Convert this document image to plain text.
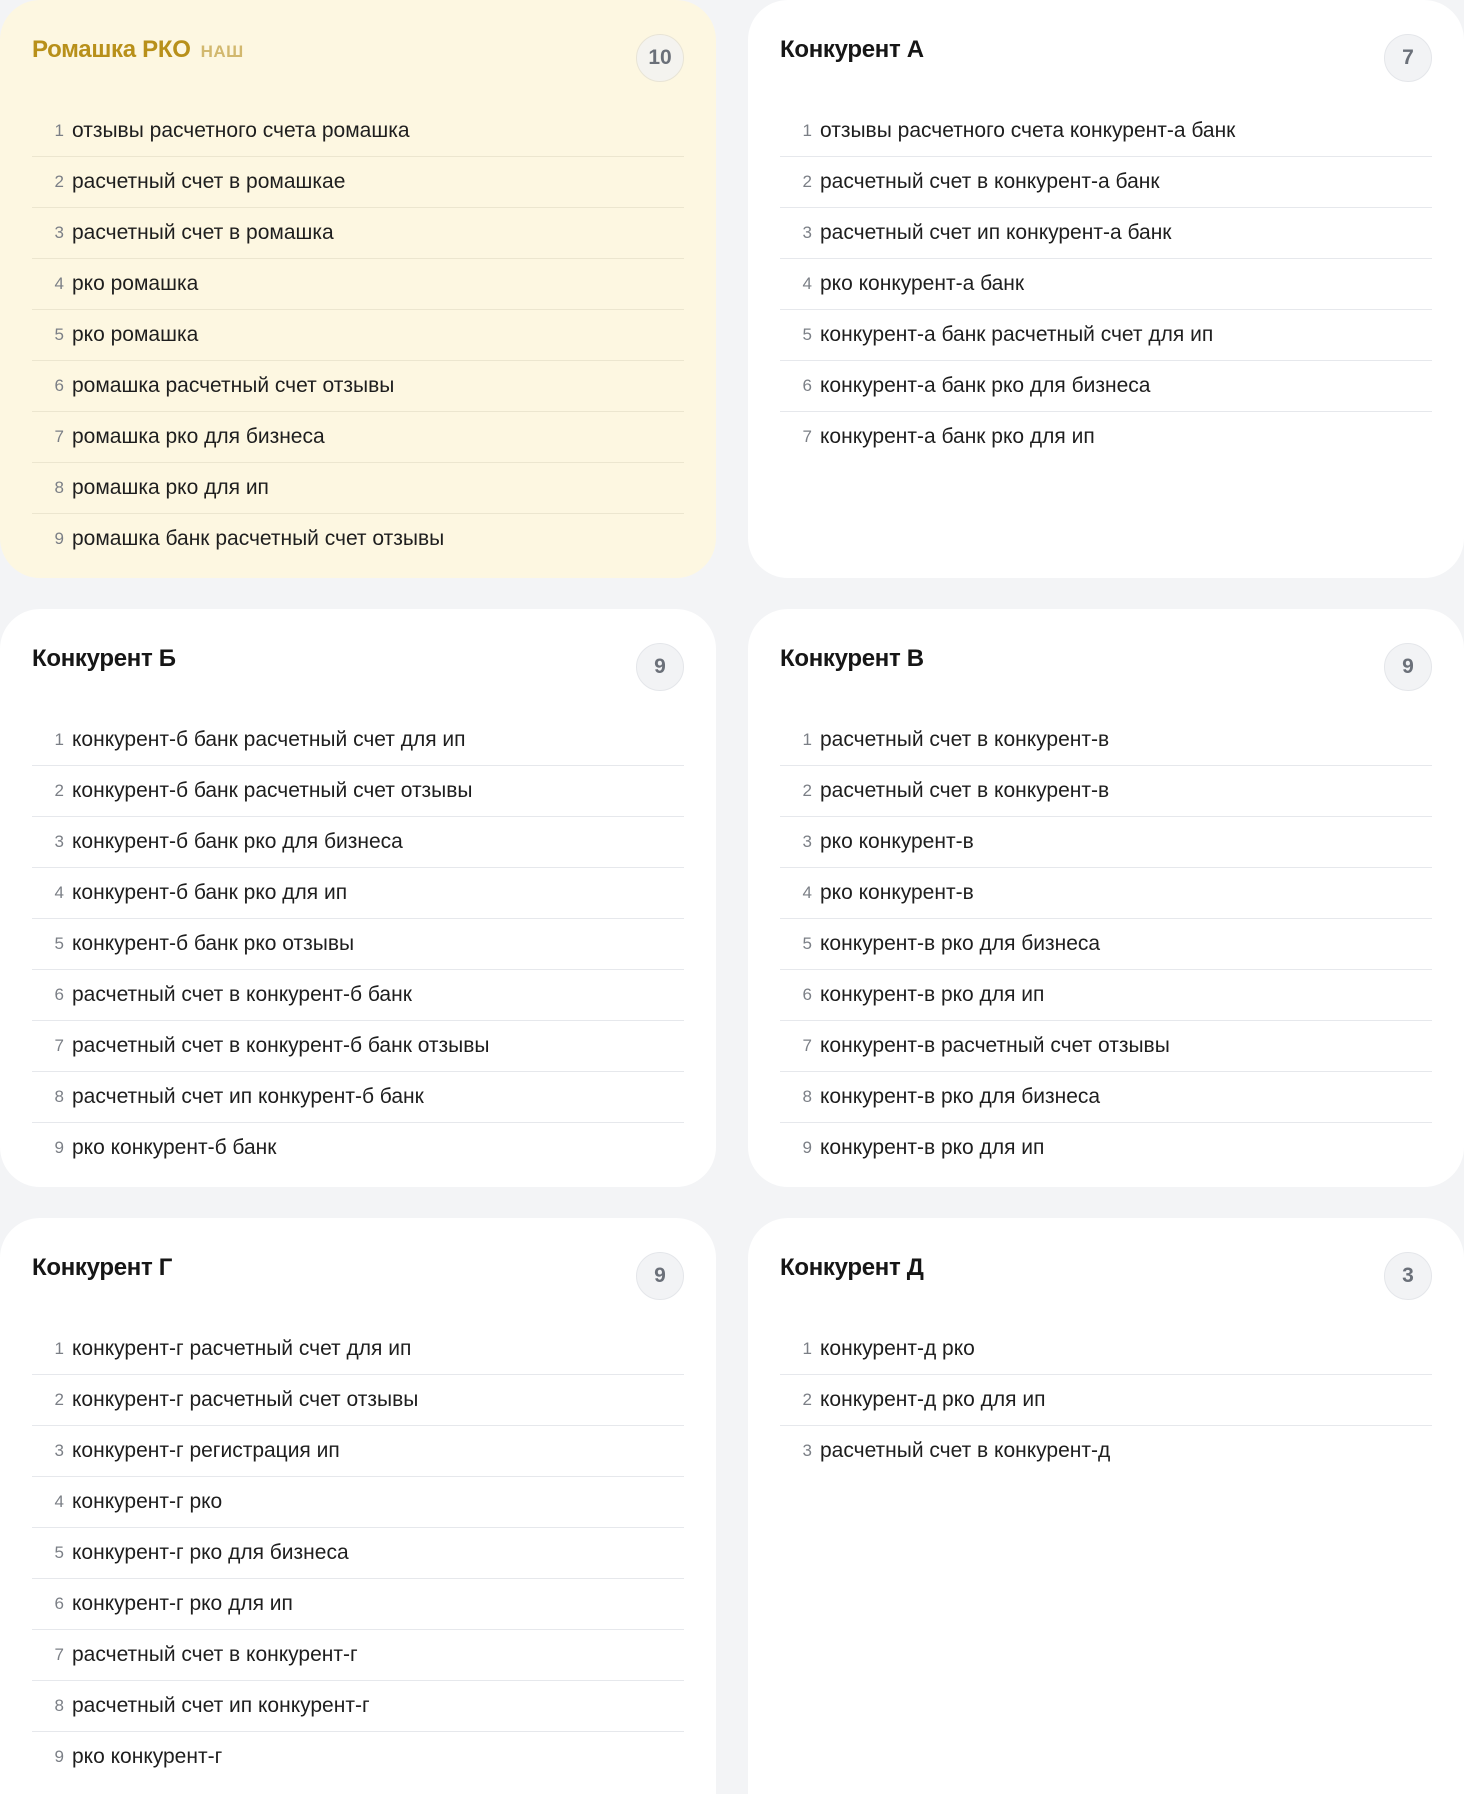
Ромашка РКО НАШ	10
1 отзывы расчетного счета ромашка
2 расчетный счет в ромашкае
3 расчетный счет в ромашка
4 рко ромашка
5 рко ромашка
6 ромашка расчетный счет отзывы
7 ромашка рко для бизнеса
8 ромашка рко для ип
9 ромашка банк расчетный счет отзывы
Конкурент А	7
1 отзывы расчетного счета конкурент-а банк
2 расчетный счет в конкурент-а банк
3 расчетный счет ип конкурент-а банк
4 рко конкурент-а банк
5 конкурент-а банк расчетный счет для ип
6 конкурент-а банк рко для бизнеса
7 конкурент-а банк рко для ип
Конкурент Б	9
1 конкурент-б банк расчетный счет для ип
2 конкурент-б банк расчетный счет отзывы
3 конкурент-б банк рко для бизнеса
4 конкурент-б банк рко для ип
5 конкурент-б банк рко отзывы
6 расчетный счет в конкурент-б банк
7 расчетный счет в конкурент-б банк отзывы
8 расчетный счет ип конкурент-б банк
9 рко конкурент-б банк
Конкурент В	9
1 расчетный счет в конкурент-в
2 расчетный счет в конкурент-в
3 рко конкурент-в
4 рко конкурент-в
5 конкурент-в рко для бизнеса
6 конкурент-в рко для ип
7 конкурент-в расчетный счет отзывы
8 конкурент-в рко для бизнеса
9 конкурент-в рко для ип
Конкурент Г	9
1 конкурент-г расчетный счет для ип
2 конкурент-г расчетный счет отзывы
3 конкурент-г регистрация ип
4 конкурент-г рко
5 конкурент-г рко для бизнеса
6 конкурент-г рко для ип
7 расчетный счет в конкурент-г
8 расчетный счет ип конкурент-г
9 рко конкурент-г
Конкурент Д	3
1 конкурент-д рко
2 конкурент-д рко для ип
3 расчетный счет в конкурент-д
